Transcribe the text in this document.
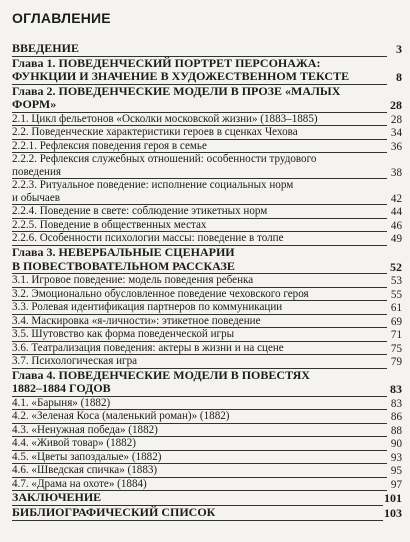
ОГЛАВЛЕНИЕ
ВВЕДЕНИЕ	3
Глава 1. ПОВЕДЕНЧЕСКИЙ ПОРТРЕТ ПЕРСОНАЖА:
ФУНКЦИИ И ЗНАЧЕНИЕ В ХУДОЖЕСТВЕННОМ ТЕКСТЕ	8
Глава 2. ПОВЕДЕНЧЕСКИЕ МОДЕЛИ В ПРОЗЕ «МАЛЫХ
ФОРМ»	28
2.1. Цикл фельетонов «Осколки московской жизни» (1883–1885)	28
2.2. Поведенческие характеристики героев в сценках Чехова	34
2.2.1. Рефлексия поведения героя в семье	36
2.2.2. Рефлексия служебных отношений: особенности трудового
поведения	38
2.2.3. Ритуальное поведение: исполнение социальных норм
и обычаев	42
2.2.4. Поведение в свете: соблюдение этикетных норм	44
2.2.5. Поведение в общественных местах	46
2.2.6. Особенности психологии массы: поведение в толпе	49
Глава 3. НЕВЕРБАЛЬНЫЕ СЦЕНАРИИ
В ПОВЕСТВОВАТЕЛЬНОМ РАССКАЗЕ	52
3.1. Игровое поведение: модель поведения ребенка	53
3.2. Эмоционально обусловленное поведение чеховского героя	55
3.3. Ролевая идентификация партнеров по коммуникации	61
3.4. Маскировка «я-личности»: этикетное поведение	69
3.5. Шутовство как форма поведенческой игры	71
3.6. Театрализация поведения: актеры в жизни и на сцене	75
3.7. Психологическая игра	79
Глава 4. ПОВЕДЕНЧЕСКИЕ МОДЕЛИ В ПОВЕСТЯХ
1882–1884 ГОДОВ	83
4.1. «Барыня» (1882)	83
4.2. «Зеленая Коса (маленький роман)» (1882)	86
4.3. «Ненужная победа» (1882)	88
4.4. «Живой товар» (1882)	90
4.5. «Цветы запоздалые» (1882)	93
4.6. «Шведская спичка» (1883)	95
4.7. «Драма на охоте» (1884)	97
ЗАКЛЮЧЕНИЕ	101
БИБЛИОГРАФИЧЕСКИЙ СПИСОК	103
